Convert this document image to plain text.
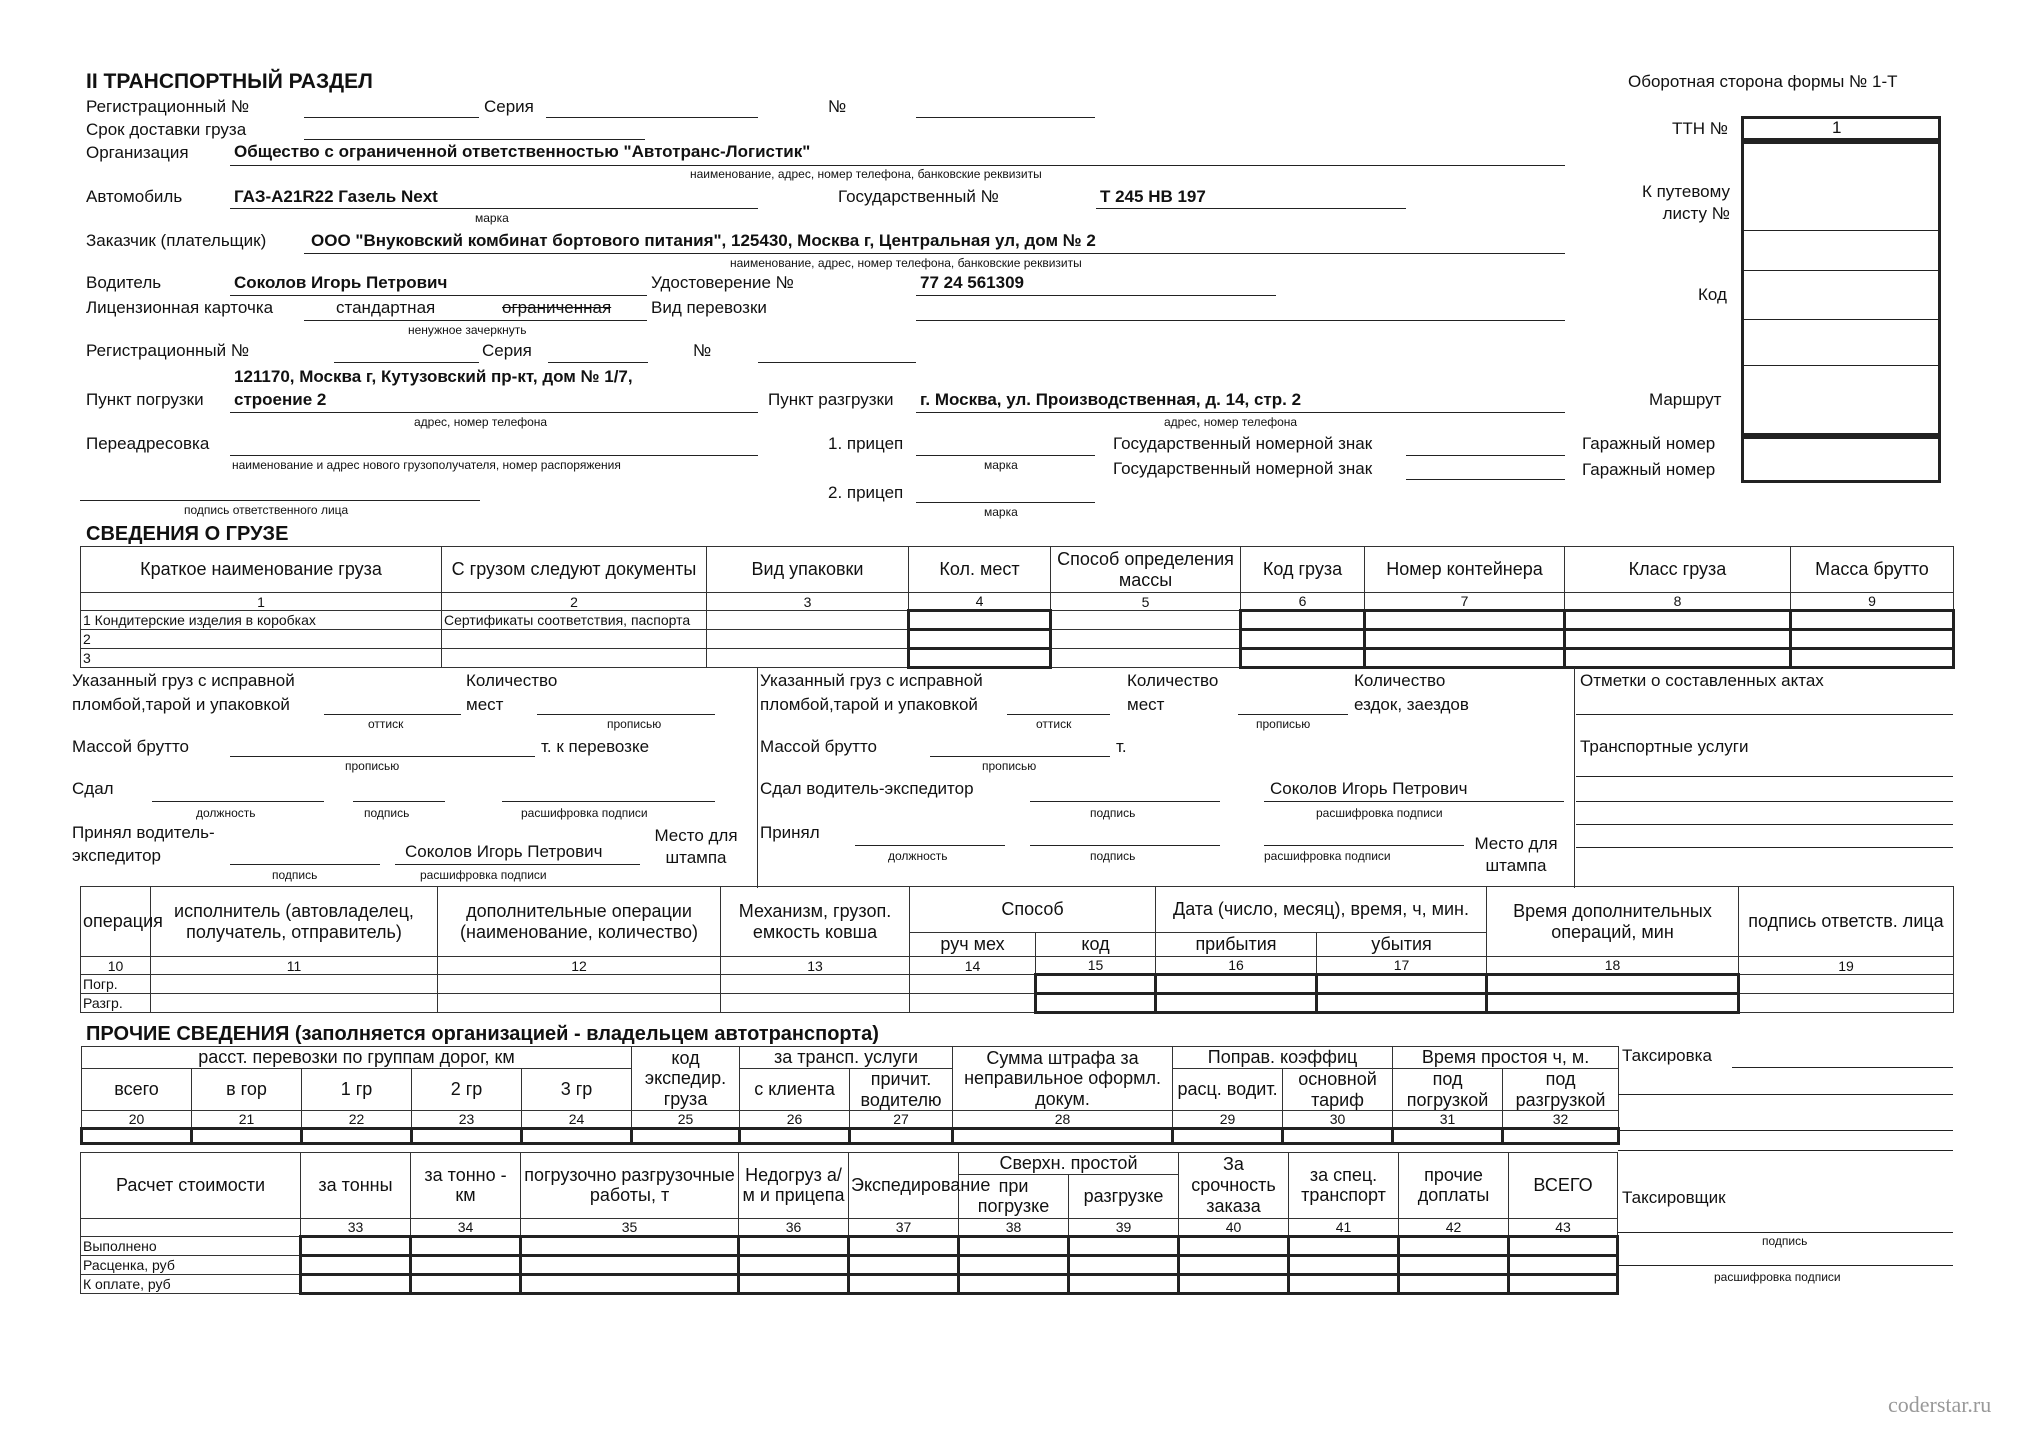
II ТРАНСПОРТНЫЙ РАЗДЕЛ	Оборотная сторона формы № 1-Т
Регистрационный №	Серия	№
Срок доставки груза
Организация	Общество с ограниченной ответственностью "Автотранс-Логистик"
наименование, адрес, номер телефона, банковские реквизиты
Автомобиль	ГАЗ-А21R22 Газель Next
марка
Государственный №	Т 245 НВ 197
Заказчик (плательщик)	ООО "Внуковский комбинат бортового питания", 125430, Москва г, Центральная ул, дом № 2
наименование, адрес, номер телефона, банковские реквизиты
Водитель	Соколов Игорь Петрович	Удостоверение №	77 24 561309
Лицензионная карточка	стандартная	ограниченная
ненужное зачеркнуть
Вид перевозки
Регистрационный №	Серия	№
121170, Москва г, Кутузовский пр-кт, дом № 1/7,
Пункт погрузки строение 2
адрес, номер телефона
Пункт разгрузки г. Москва, ул. Производственная, д. 14, стр. 2
адрес, номер телефона
Переадресовка
наименование и адрес нового грузополучателя, номер распоряжения
1. прицеп
марка
Государственный номерной знак
Государственный номерной знак
подпись ответственного лица
2. прицеп
марка
ТТН №	1
К путевому
листу №
Код
Маршрут
Гаражный номер
Гаражный номер
СВЕДЕНИЯ О ГРУЗЕ
Краткое наименование груза	С грузом следуют документы	Вид упаковки	Кол. мест	Способ определения массы	Код груза	Номер контейнера	Класс груза	Масса брутто
1	2	3	4	5	6	7	8	9
1 Кондитерские изделия в коробках	Сертификаты соответствия, паспорта							
2								
3								
Указанный груз с исправной
пломбой,тарой и упаковкой
оттиск
Количество
мест
прописью
Массой брутто	т. к перевозке
прописью
Сдал
должность	подпись	расшифровка подписи
Принял водитель-
экспедитор	Соколов Игорь Петрович
подпись	расшифровка подписи
Место для
штампа
Указанный груз с исправной
пломбой,тарой и упаковкой
оттиск
Количество
мест
прописью
Количество
ездок, заездов
Массой брутто	т.
прописью
Сдал водитель-экспедитор	Соколов Игорь Петрович
подпись	расшифровка подписи
Принял
должность	подпись	расшифровка подписи
Место для
штампа
Отметки о составленных актах
Транспортные услуги
операция	исполнитель (автовладелец, получатель, отправитель)	дополнительные операции (наименование, количество)	Механизм, грузоп. емкость ковша	Способ		Дата (число, месяц), время, ч, мин.		Время дополнительных операций, мин	подпись ответств. лица
				руч мех	код	прибытия	убытия		
10	11	12	13	14	15	16	17	18	19
Погр.									
Разгр.									
ПРОЧИЕ СВЕДЕНИЯ (заполняется организацией - владельцем автотранспорта)
расст. перевозки по группам дорог, км					код экспедир. груза	за трансп. услуги		Сумма штрафа за неправильное оформл. докум.	Поправ. коэффиц		Время простоя ч, м.	
всего	в гор	1 гр	2 гр	3 гр		с клиента	причит. водителю		расц. водит.	основной тариф	под погрузкой	под разгрузкой
20	21	22	23	24	25	26	27	28	29	30	31	32

Таксировка
Расчет стоимости	за тонны	за тонно - км	погрузочно разгрузочные работы, т	Недогруз а/м и прицепа	Экспедирование	Сверхн. простой		За срочность заказа	за спец. транспорт	прочие доплаты	ВСЕГО
						при погрузке	разгрузке				
	33	34	35	36	37	38	39	40	41	42	43
Выполнено											
Расценка, руб											
К оплате, руб											
Таксировщик
подпись
расшифровка подписи
coderstar.ru
